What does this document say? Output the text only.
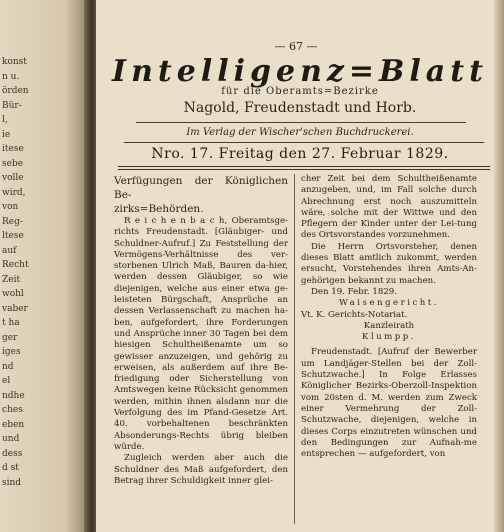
konst
n u.
örden
Bür-
l,
ie
itese
sebe
volle
wird,
von
Reg-
ltese
auf
Recht
Zeit
wohl
vaber
t ha
ger
iges
nd
el
ndhe
ches
eben
und
dess
d st
sind
— 67 —
Intelligenz=Blatt
für die Oberamts=Bezirke
Nagold, Freudenstadt und Horb.
Im Verlag der Wischer'schen Buchdruckerei.
Nro. 17. Freitag den 27. Februar 1829.

Verfügungen der Königlichen Be-

zirks=Behörden.

R e i c h e n b a c h, Oberamtsge-richts Freudenstadt. [Gläubiger- und Schuldner-Aufruf.] Zu Feststellung der Vermögens-Verhältnisse des ver-storbenen Ulrich Maß, Bauren da-hier, werden dessen Gläubiger, so wie diejenigen, welche aus einer etwa ge-leisteten Bürgschaft, Ansprüche an dessen Verlassenschaft zu machen ha-ben, aufgefordert, ihre Forderungen und Ansprüche inner 30 Tagen bei dem hiesigen Schultheißenamte um so gewisser anzuzeigen, und gehörig zu erweisen, als außerdem auf ihre Be-friedigung oder Sicherstellung von Amtswegen keine Rücksicht genommen werden, mithin ihnen alsdann nur die Verfolgung des im Pfand-Gesetze Art. 40. vorbehaltenen beschränkten Absonderungs-Rechts übrig bleiben würde.

Zugleich werden aber auch die Schuldner des Maß aufgefordert, den Betrag ihrer Schuldigkeit inner glei-

cher Zeit bei dem Schultheißenamte anzugeben, und, im Fall solche durch Abrechnung erst noch auszumitteln wäre, solche mit der Wittwe und den Pflegern der Kinder unter der Lei-tung des Ortsvorstandes vorzunehmen.

Die Herrn Ortsvorsteher, denen dieses Blatt amtlich zukommt, werden ersucht, Vorstehendes ihren Amts-An-gehörigen bekannt zu machen.

Den 19. Febr. 1829.

Waisengericht.

Vt. K. Gerichts-Notariat.

Kanzleirath

Klumpp.

Freudenstadt. [Aufruf der Bewerber um Landjäger-Stellen bei der Zoll-Schutzwache.] In Folge Erlasses Königlicher Bezirks-Oberzoll-Inspektion vom 20sten d. M. werden zum Zweck einer Vermehrung der Zoll-Schutzwache, diejenigen, welche in dieses Corps einzutreten wünschen und den Bedingungen zur Aufnah-me entsprechen — aufgefordert, von
